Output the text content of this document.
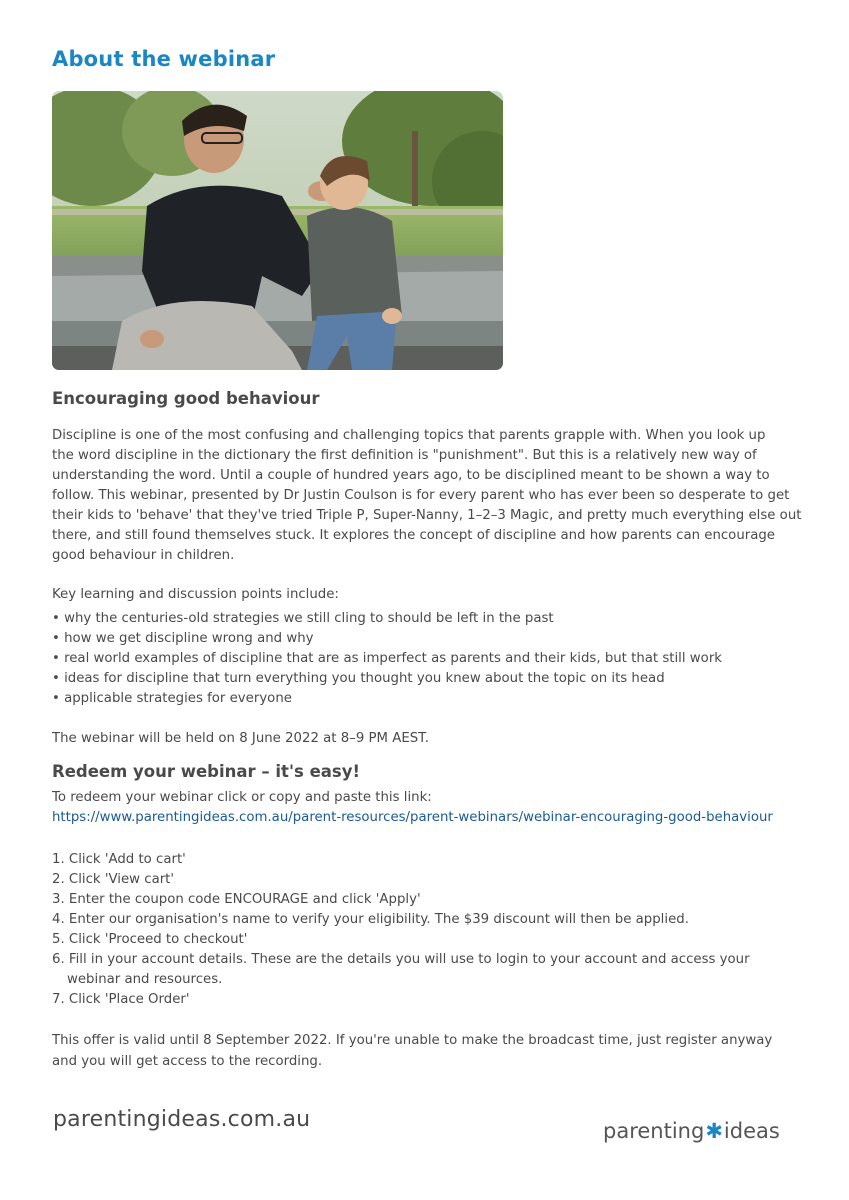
About the webinar
Encouraging good behaviour
Discipline is one of the most confusing and challenging topics that parents grapple with. When you look up
the word discipline in the dictionary the first definition is "punishment". But this is a relatively new way of
understanding the word. Until a couple of hundred years ago, to be disciplined meant to be shown a way to
follow. This webinar, presented by Dr Justin Coulson is for every parent who has ever been so desperate to get
their kids to 'behave' that they've tried Triple P, Super-Nanny, 1–2–3 Magic, and pretty much everything else out
there, and still found themselves stuck. It explores the concept of discipline and how parents can encourage
good behaviour in children.
Key learning and discussion points include:
• why the centuries-old strategies we still cling to should be left in the past
• how we get discipline wrong and why
• real world examples of discipline that are as imperfect as parents and their kids, but that still work
• ideas for discipline that turn everything you thought you knew about the topic on its head
• applicable strategies for everyone
The webinar will be held on 8 June 2022 at 8–9 PM AEST.
Redeem your webinar – it's easy!
To redeem your webinar click or copy and paste this link:
https://www.parentingideas.com.au/parent-resources/parent-webinars/webinar-encouraging-good-behaviour
1. Click 'Add to cart'
2. Click 'View cart'
3. Enter the coupon code ENCOURAGE and click 'Apply'
4. Enter our organisation's name to verify your eligibility. The $39 discount will then be applied.
5. Click 'Proceed to checkout'
6. Fill in your account details. These are the details you will use to login to your account and access your
webinar and resources.
7. Click 'Place Order'
This offer is valid until 8 September 2022. If you're unable to make the broadcast time, just register anyway
and you will get access to the recording.
parentingideas.com.au	parenting✱ideas
